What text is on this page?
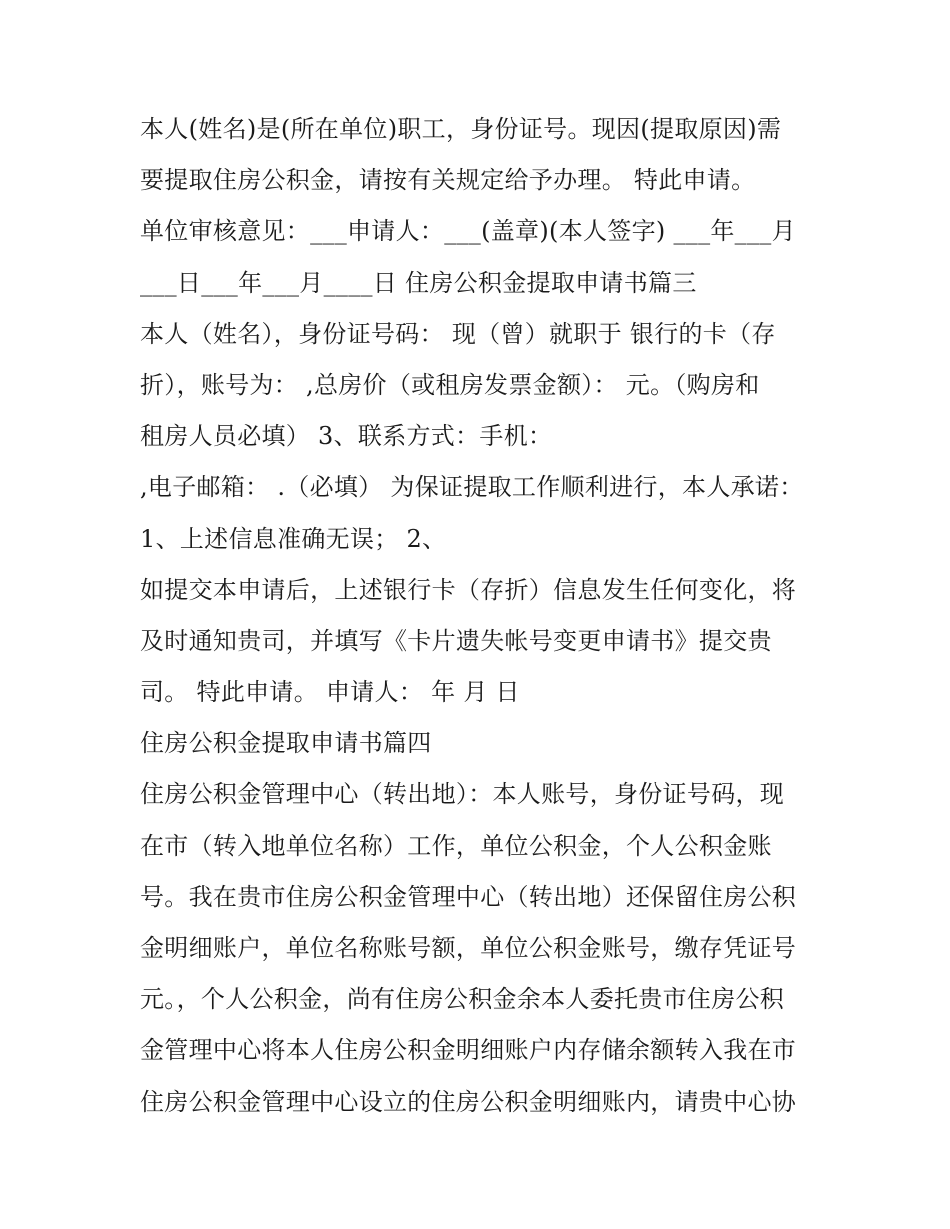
本人(姓名)是(所在单位)职工，身份证号。现因(提取原因)需
要提取住房公积金，请按有关规定给予办理。 特此申请。
单位审核意见：___申请人：___(盖章)(本人签字) ___年___月
___日___年___月____日 住房公积金提取申请书篇三
本人（姓名），身份证号码： 现（曾）就职于 银行的卡（存
折），账号为： ,总房价（或租房发票金额）： 元。（购房和
租房人员必填） 3、联系方式：手机：
,电子邮箱： .（必填） 为保证提取工作顺利进行，本人承诺：
1、上述信息准确无误； 2、
如提交本申请后，上述银行卡（存折）信息发生任何变化，将
及时通知贵司，并填写《卡片遗失帐号变更申请书》提交贵
司。 特此申请。 申请人： 年 月 日
住房公积金提取申请书篇四
住房公积金管理中心（转出地）：本人账号，身份证号码，现
在市（转入地单位名称）工作，单位公积金，个人公积金账
号。我在贵市住房公积金管理中心（转出地）还保留住房公积
金明细账户，单位名称账号额，单位公积金账号，缴存凭证号
元。，个人公积金，尚有住房公积金余本人委托贵市住房公积
金管理中心将本人住房公积金明细账户内存储余额转入我在市
住房公积金管理中心设立的住房公积金明细账内，请贵中心协
